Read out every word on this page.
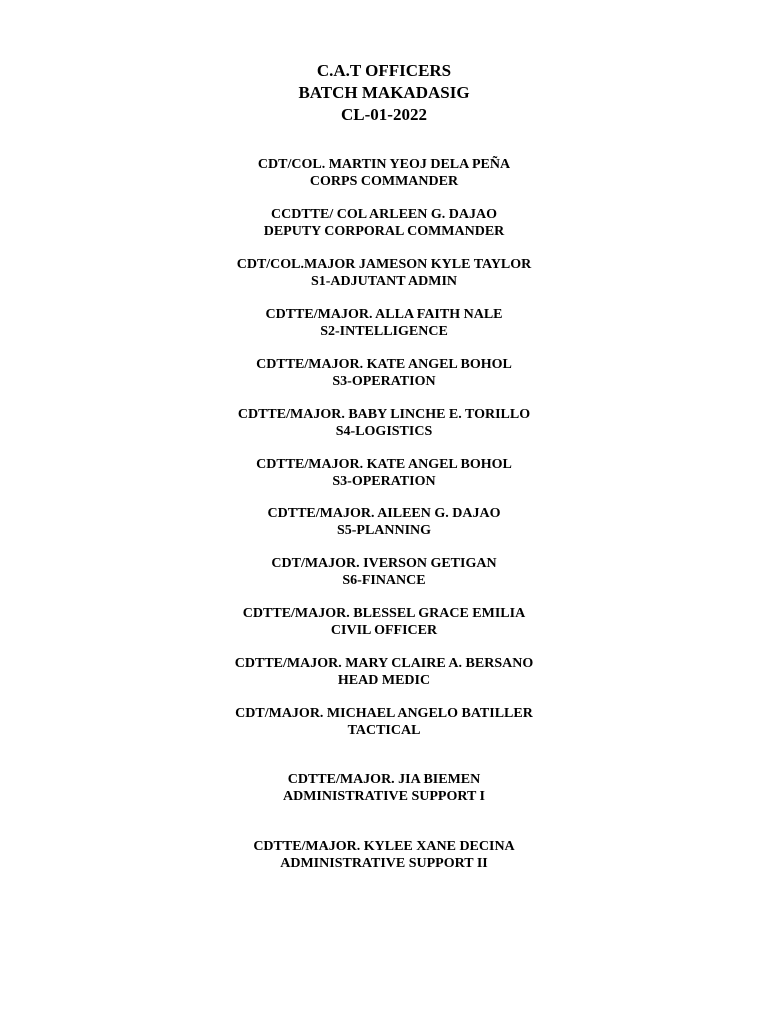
C.A.T OFFICERS
BATCH MAKADASIG
CL-01-2022
CDT/COL. MARTIN YEOJ DELA PEÑA
CORPS COMMANDER
CCDTTE/ COL ARLEEN G. DAJAO
DEPUTY CORPORAL COMMANDER
CDT/COL.MAJOR JAMESON KYLE TAYLOR
S1-ADJUTANT ADMIN
CDTTE/MAJOR. ALLA FAITH NALE
S2-INTELLIGENCE
CDTTE/MAJOR. KATE ANGEL BOHOL
S3-OPERATION
CDTTE/MAJOR. BABY LINCHE E. TORILLO
S4-LOGISTICS
CDTTE/MAJOR. KATE ANGEL BOHOL
S3-OPERATION
CDTTE/MAJOR. AILEEN G. DAJAO
S5-PLANNING
CDT/MAJOR. IVERSON GETIGAN
S6-FINANCE
CDTTE/MAJOR. BLESSEL GRACE EMILIA
CIVIL OFFICER
CDTTE/MAJOR. MARY CLAIRE A. BERSANO
HEAD MEDIC
CDT/MAJOR. MICHAEL ANGELO BATILLER
TACTICAL
CDTTE/MAJOR. JIA BIEMEN
ADMINISTRATIVE SUPPORT I
CDTTE/MAJOR. KYLEE XANE DECINA
ADMINISTRATIVE SUPPORT II
